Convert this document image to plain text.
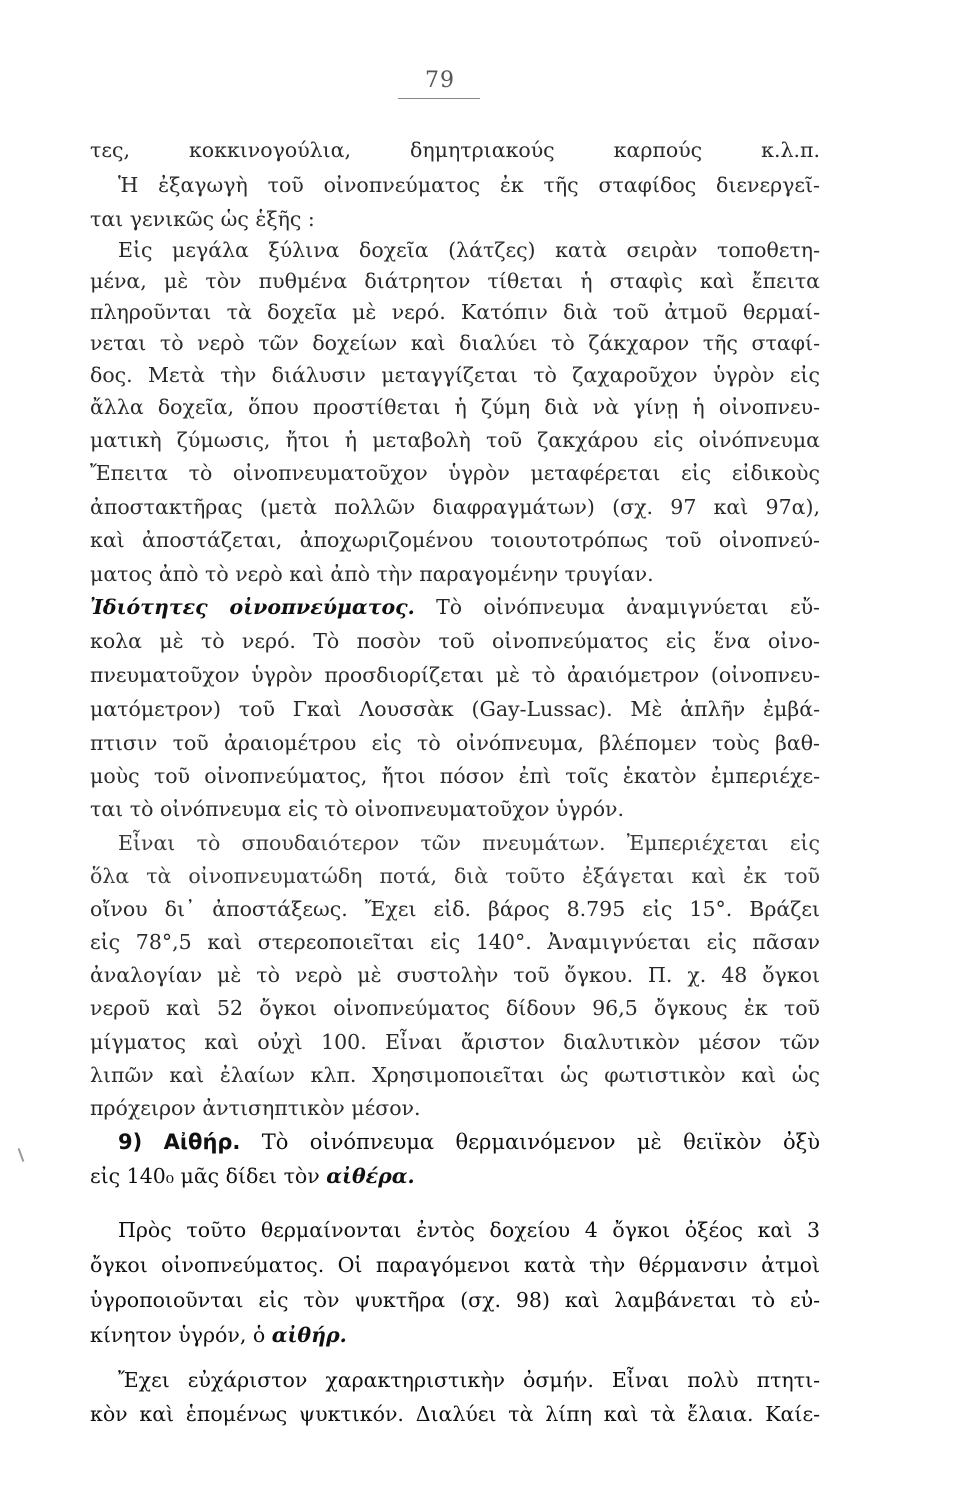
79
τες, κοκκινογούλια, δημητριακούς καρπούς κ.λ.π.
Ἡ ἐξαγωγὴ τοῦ οἰνοπνεύματος ἐκ τῆς σταφίδος διενεργεῖ-
ται γενικῶς ὡς ἑξῆς :
Εἰς μεγάλα ξύλινα δοχεῖα (λάτζες) κατὰ σειρὰν τοποθετη-
μένα, μὲ τὸν πυθμένα διάτρητον τίθεται ἡ σταφὶς καὶ ἔπειτα
πληροῦνται τὰ δοχεῖα μὲ νερό. Κατόπιν διὰ τοῦ ἀτμοῦ θερμαί-
νεται τὸ νερὸ τῶν δοχείων καὶ διαλύει τὸ ζάκχαρον τῆς σταφί-
δος. Μετὰ τὴν διάλυσιν μεταγγίζεται τὸ ζαχαροῦχον ὑγρὸν εἰς
ἄλλα δοχεῖα, ὅπου προστίθεται ἡ ζύμη διὰ νὰ γίνῃ ἡ οἰνοπνευ-
ματικὴ ζύμωσις, ἤτοι ἡ μεταβολὴ τοῦ ζακχάρου εἰς οἰνόπνευμα
Ἔπειτα τὸ οἰνοπνευματοῦχον ὑγρὸν μεταφέρεται εἰς εἰδικοὺς
ἀποστακτῆρας (μετὰ πολλῶν διαφραγμάτων) (σχ. 97 καὶ 97α),
καὶ ἀποστάζεται, ἀποχωριζομένου τοιουτοτρόπως τοῦ οἰνοπνεύ-
ματος ἀπὸ τὸ νερὸ καὶ ἀπὸ τὴν παραγομένην τρυγίαν.
Ἰδιότητες οἰνοπνεύματος. Τὸ οἰνόπνευμα ἀναμιγνύεται εὔ-
κολα μὲ τὸ νερό. Τὸ ποσὸν τοῦ οἰνοπνεύματος εἰς ἕνα οἰνο-
πνευματοῦχον ὑγρὸν προσδιορίζεται μὲ τὸ ἀραιόμετρον (οἰνοπνευ-
ματόμετρον) τοῦ Γκαὶ Λουσσὰκ (Gay-Lussac). Μὲ ἁπλῆν ἐμβά-
πτισιν τοῦ ἀραιομέτρου εἰς τὸ οἰνόπνευμα, βλέπομεν τοὺς βαθ-
μοὺς τοῦ οἰνοπνεύματος, ἤτοι πόσον ἐπὶ τοῖς ἑκατὸν ἐμπεριέχε-
ται τὸ οἰνόπνευμα εἰς τὸ οἰνοπνευματοῦχον ὑγρόν.
Εἶναι τὸ σπουδαιότερον τῶν πνευμάτων. Ἐμπεριέχεται εἰς
ὅλα τὰ οἰνοπνευματώδη ποτά, διὰ τοῦτο ἐξάγεται καὶ ἐκ τοῦ
οἴνου δι᾽ ἀποστάξεως. Ἔχει εἰδ. βάρος 8.795 εἰς 15°. Βράζει
εἰς 78°,5 καὶ στερεοποιεῖται εἰς 140°. Ἀναμιγνύεται εἰς πᾶσαν
ἀναλογίαν μὲ τὸ νερὸ μὲ συστολὴν τοῦ ὄγκου. Π. χ. 48 ὄγκοι
νεροῦ καὶ 52 ὄγκοι οἰνοπνεύματος δίδουν 96,5 ὄγκους ἐκ τοῦ
μίγματος καὶ οὐχὶ 100. Εἶναι ἄριστον διαλυτικὸν μέσον τῶν
λιπῶν καὶ ἐλαίων κλπ. Χρησιμοποιεῖται ὡς φωτιστικὸν καὶ ὡς
πρόχειρον ἀντισηπτικὸν μέσον.
9) Αἰθήρ. Τὸ οἰνόπνευμα θερμαινόμενον μὲ θειϊκὸν ὀξὺ
εἰς 140₀ μᾶς δίδει τὸν αἰθέρα.
Πρὸς τοῦτο θερμαίνονται ἐντὸς δοχείου 4 ὄγκοι ὀξέος καὶ 3
ὄγκοι οἰνοπνεύματος. Οἱ παραγόμενοι κατὰ τὴν θέρμανσιν ἀτμοὶ
ὑγροποιοῦνται εἰς τὸν ψυκτῆρα (σχ. 98) καὶ λαμβάνεται τὸ εὐ-
κίνητον ὑγρόν, ὁ αἰθήρ.
Ἔχει εὐχάριστον χαρακτηριστικὴν ὀσμήν. Εἶναι πολὺ πτητι-
κὸν καὶ ἑπομένως ψυκτικόν. Διαλύει τὰ λίπη καὶ τὰ ἔλαια. Καίε-
